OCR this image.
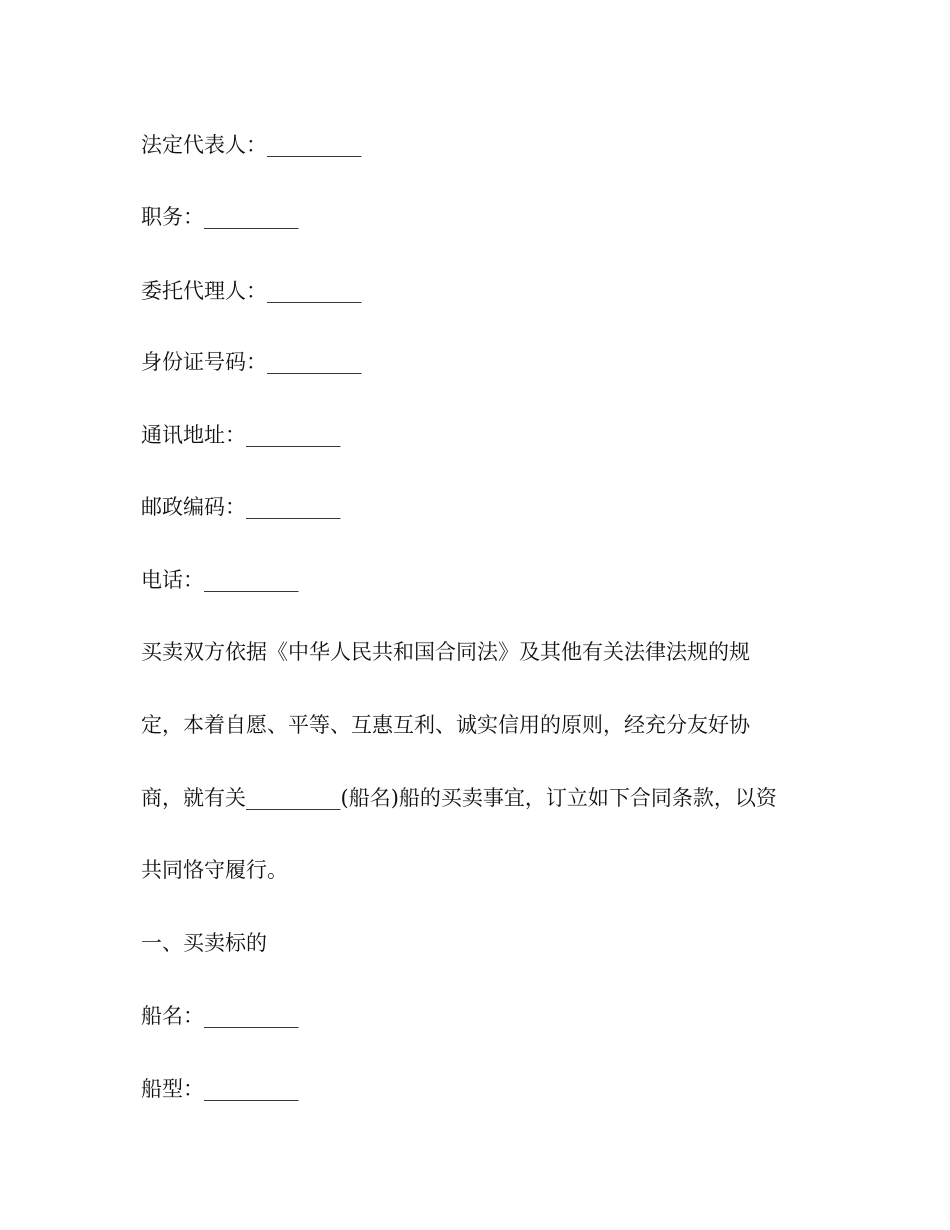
法定代表人：_________
职务：_________
委托代理人：_________
身份证号码：_________
通讯地址：_________
邮政编码：_________
电话：_________
买卖双方依据《中华人民共和国合同法》及其他有关法律法规的规
定，本着自愿、平等、互惠互利、诚实信用的原则，经充分友好协
商，就有关_________(船名)船的买卖事宜，订立如下合同条款，以资
共同恪守履行。
一、买卖标的
船名：_________
船型：_________
